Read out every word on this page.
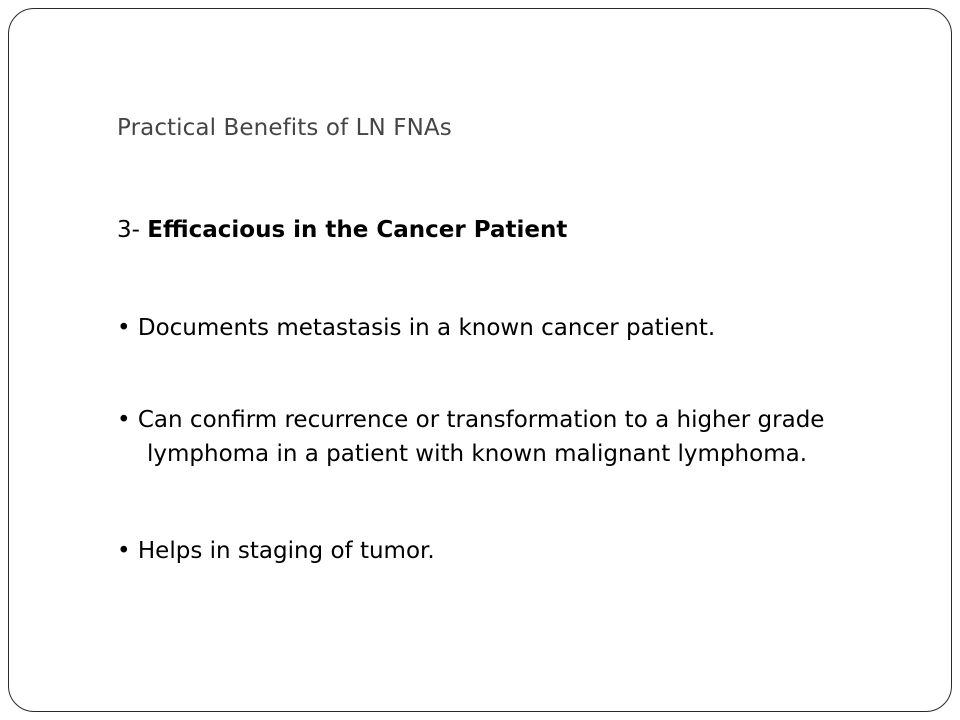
Practical Benefits of LN FNAs

3- Efficacious in the Cancer Patient

• Documents metastasis in a known cancer patient.

• Can confirm recurrence or transformation to a higher grade
lymphoma in a patient with known malignant lymphoma.

• Helps in staging of tumor.
